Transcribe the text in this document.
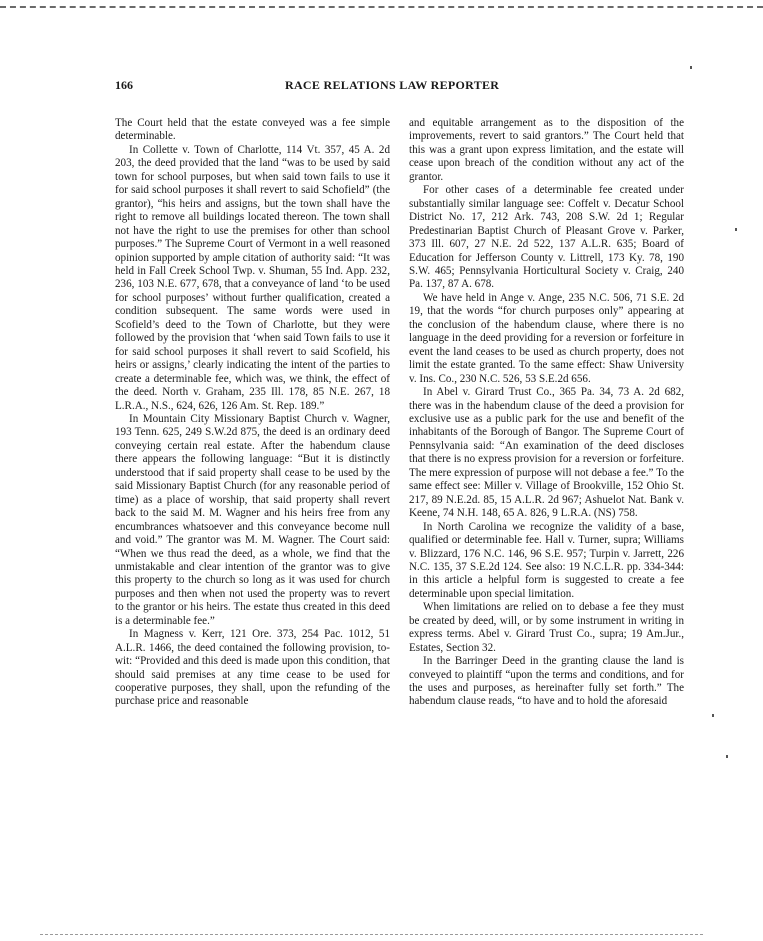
166	RACE RELATIONS LAW REPORTER

The Court held that the estate conveyed was a fee simple determinable.

In Collette v. Town of Charlotte, 114 Vt. 357, 45 A. 2d 203, the deed provided that the land “was to be used by said town for school purposes, but when said town fails to use it for said school purposes it shall revert to said Schofield” (the grantor), “his heirs and assigns, but the town shall have the right to remove all buildings located thereon. The town shall not have the right to use the premises for other than school purposes.” The Supreme Court of Vermont in a well reasoned opinion supported by ample citation of authority said: “It was held in Fall Creek School Twp. v. Shuman, 55 Ind. App. 232, 236, 103 N.E. 677, 678, that a conveyance of land ‘to be used for school purposes’ without further qualification, created a condition subsequent. The same words were used in Scofield’s deed to the Town of Charlotte, but they were followed by the provision that ‘when said Town fails to use it for said school purposes it shall revert to said Scofield, his heirs or assigns,’ clearly indicating the intent of the parties to create a determinable fee, which was, we think, the effect of the deed. North v. Graham, 235 Ill. 178, 85 N.E. 267, 18 L.R.A., N.S., 624, 626, 126 Am. St. Rep. 189.”

In Mountain City Missionary Baptist Church v. Wagner, 193 Tenn. 625, 249 S.W.2d 875, the deed is an ordinary deed conveying certain real estate. After the habendum clause there appears the following language: “But it is distinctly understood that if said property shall cease to be used by the said Missionary Baptist Church (for any reasonable period of time) as a place of worship, that said property shall revert back to the said M. M. Wagner and his heirs free from any encumbrances whatsoever and this conveyance become null and void.” The grantor was M. M. Wagner. The Court said: “When we thus read the deed, as a whole, we find that the unmistakable and clear intention of the grantor was to give this property to the church so long as it was used for church purposes and then when not used the property was to revert to the grantor or his heirs. The estate thus created in this deed is a determinable fee.”

In Magness v. Kerr, 121 Ore. 373, 254 Pac. 1012, 51 A.L.R. 1466, the deed contained the following provision, to-wit: “Provided and this deed is made upon this condition, that should said premises at any time cease to be used for cooperative purposes, they shall, upon the refunding of the purchase price and reasonable

and equitable arrangement as to the disposition of the improvements, revert to said grantors.” The Court held that this was a grant upon express limitation, and the estate will cease upon breach of the condition without any act of the grantor.

For other cases of a determinable fee created under substantially similar language see: Coffelt v. Decatur School District No. 17, 212 Ark. 743, 208 S.W. 2d 1; Regular Predestinarian Baptist Church of Pleasant Grove v. Parker, 373 Ill. 607, 27 N.E. 2d 522, 137 A.L.R. 635; Board of Education for Jefferson County v. Littrell, 173 Ky. 78, 190 S.W. 465; Pennsylvania Horticultural Society v. Craig, 240 Pa. 137, 87 A. 678.

We have held in Ange v. Ange, 235 N.C. 506, 71 S.E. 2d 19, that the words “for church purposes only” appearing at the conclusion of the habendum clause, where there is no language in the deed providing for a reversion or forfeiture in event the land ceases to be used as church property, does not limit the estate granted. To the same effect: Shaw University v. Ins. Co., 230 N.C. 526, 53 S.E.2d 656.

In Abel v. Girard Trust Co., 365 Pa. 34, 73 A. 2d 682, there was in the habendum clause of the deed a provision for exclusive use as a public park for the use and benefit of the inhabitants of the Borough of Bangor. The Supreme Court of Pennsylvania said: “An examination of the deed discloses that there is no express provision for a reversion or forfeiture. The mere expression of purpose will not debase a fee.” To the same effect see: Miller v. Village of Brookville, 152 Ohio St. 217, 89 N.E.2d. 85, 15 A.L.R. 2d 967; Ashuelot Nat. Bank v. Keene, 74 N.H. 148, 65 A. 826, 9 L.R.A. (NS) 758.

In North Carolina we recognize the validity of a base, qualified or determinable fee. Hall v. Turner, supra; Williams v. Blizzard, 176 N.C. 146, 96 S.E. 957; Turpin v. Jarrett, 226 N.C. 135, 37 S.E.2d 124. See also: 19 N.C.L.R. pp. 334-344: in this article a helpful form is suggested to create a fee determinable upon special limitation.

When limitations are relied on to debase a fee they must be created by deed, will, or by some instrument in writing in express terms. Abel v. Girard Trust Co., supra; 19 Am.Jur., Estates, Section 32.

In the Barringer Deed in the granting clause the land is conveyed to plaintiff “upon the terms and conditions, and for the uses and purposes, as hereinafter fully set forth.” The habendum clause reads, “to have and to hold the aforesaid
